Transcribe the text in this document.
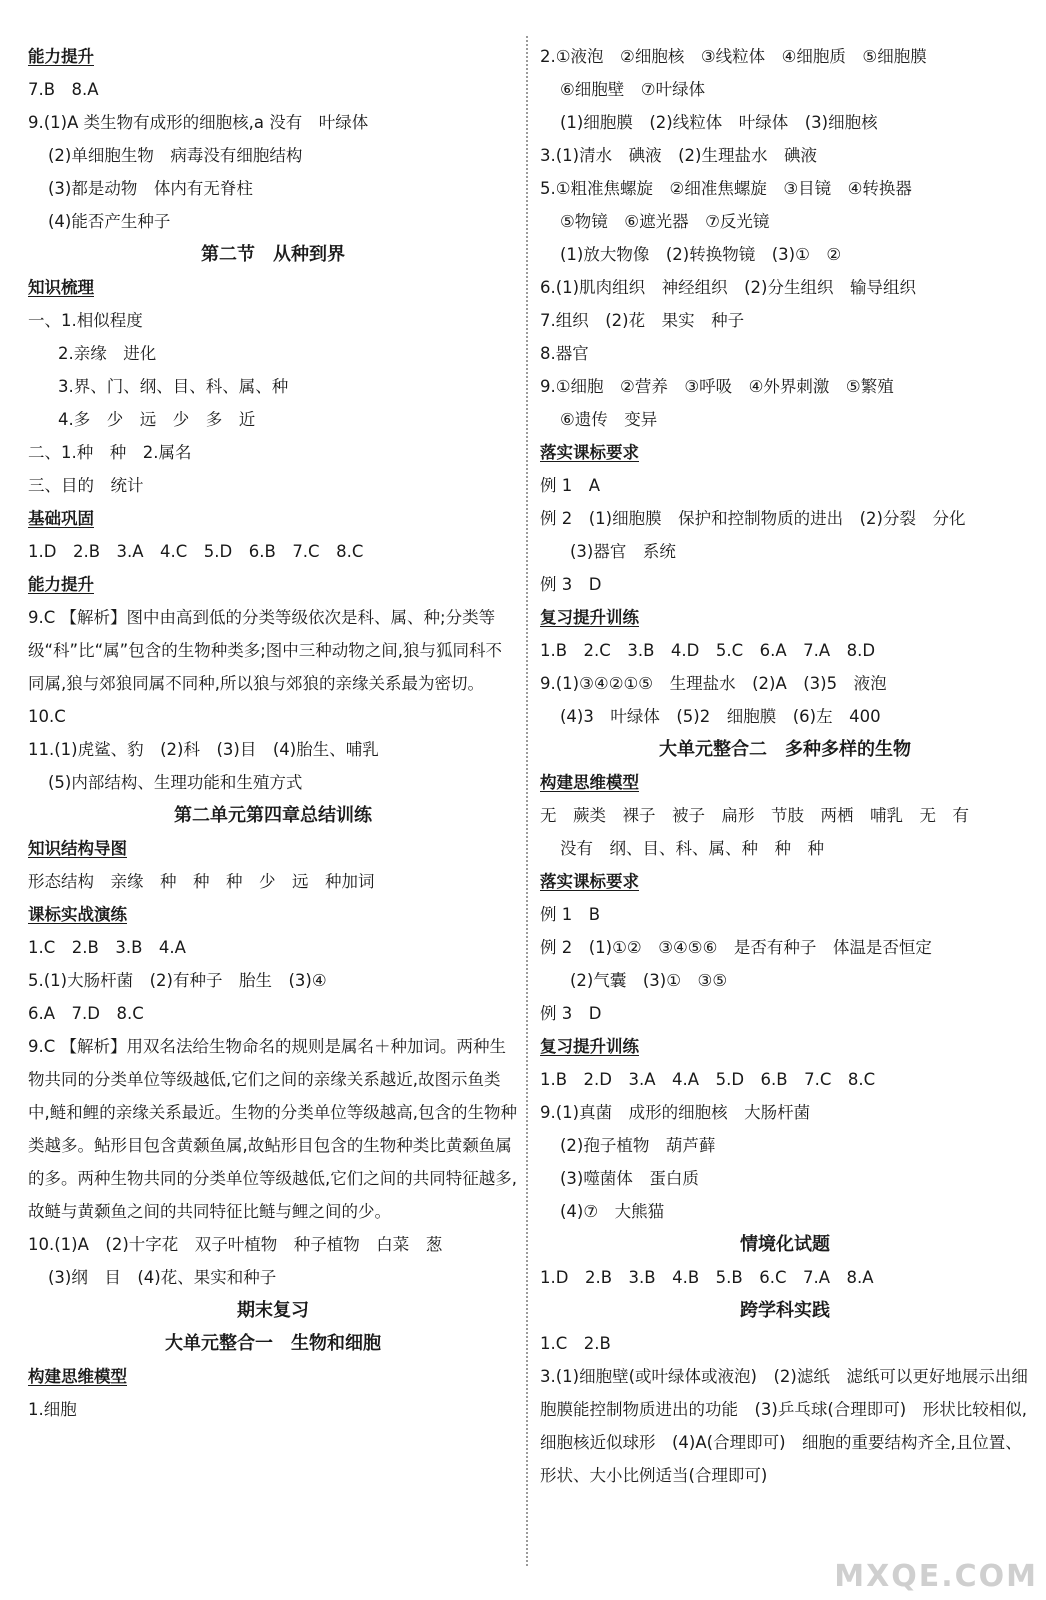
能力提升
7.B　8.A
9.(1)A 类生物有成形的细胞核,a 没有　叶绿体
(2)单细胞生物　病毒没有细胞结构
(3)都是动物　体内有无脊柱
(4)能否产生种子
第二节　从种到界
知识梳理
一、1.相似程度
2.亲缘　进化
3.界、门、纲、目、科、属、种
4.多　少　远　少　多　近
二、1.种　种　2.属名
三、目的　统计
基础巩固
1.D　2.B　3.A　4.C　5.D　6.B　7.C　8.C
能力提升
9.C 【解析】图中由高到低的分类等级依次是科、属、种;分类等级“科”比“属”包含的生物种类多;图中三种动物之间,狼与狐同科不同属,狼与郊狼同属不同种,所以狼与郊狼的亲缘关系最为密切。
10.C
11.(1)虎鲨、豹　(2)科　(3)目　(4)胎生、哺乳
(5)内部结构、生理功能和生殖方式
第二单元第四章总结训练
知识结构导图
形态结构　亲缘　种　种　种　少　远　种加词
课标实战演练
1.C　2.B　3.B　4.A
5.(1)大肠杆菌　(2)有种子　胎生　(3)④
6.A　7.D　8.C
9.C 【解析】用双名法给生物命名的规则是属名＋种加词。两种生物共同的分类单位等级越低,它们之间的亲缘关系越近,故图示鱼类中,鲢和鲤的亲缘关系最近。生物的分类单位等级越高,包含的生物种类越多。鲇形目包含黄颡鱼属,故鲇形目包含的生物种类比黄颡鱼属的多。两种生物共同的分类单位等级越低,它们之间的共同特征越多,故鲢与黄颡鱼之间的共同特征比鲢与鲤之间的少。
10.(1)A　(2)十字花　双子叶植物　种子植物　白菜　葱
(3)纲　目　(4)花、果实和种子
期末复习
大单元整合一　生物和细胞
构建思维模型
1.细胞
2.①液泡　②细胞核　③线粒体　④细胞质　⑤细胞膜
⑥细胞壁　⑦叶绿体
(1)细胞膜　(2)线粒体　叶绿体　(3)细胞核
3.(1)清水　碘液　(2)生理盐水　碘液
5.①粗准焦螺旋　②细准焦螺旋　③目镜　④转换器
⑤物镜　⑥遮光器　⑦反光镜
(1)放大物像　(2)转换物镜　(3)①　②
6.(1)肌肉组织　神经组织　(2)分生组织　输导组织
7.组织　(2)花　果实　种子
8.器官
9.①细胞　②营养　③呼吸　④外界刺激　⑤繁殖
⑥遗传　变异
落实课标要求
例 1　A
例 2　(1)细胞膜　保护和控制物质的进出　(2)分裂　分化
(3)器官　系统
例 3　D
复习提升训练
1.B　2.C　3.B　4.D　5.C　6.A　7.A　8.D
9.(1)③④②①⑤　生理盐水　(2)A　(3)5　液泡
(4)3　叶绿体　(5)2　细胞膜　(6)左　400
大单元整合二　多种多样的生物
构建思维模型
无　蕨类　裸子　被子　扁形　节肢　两栖　哺乳　无　有
没有　纲、目、科、属、种　种　种
落实课标要求
例 1　B
例 2　(1)①②　③④⑤⑥　是否有种子　体温是否恒定
(2)气囊　(3)①　③⑤
例 3　D
复习提升训练
1.B　2.D　3.A　4.A　5.D　6.B　7.C　8.C
9.(1)真菌　成形的细胞核　大肠杆菌
(2)孢子植物　葫芦藓
(3)噬菌体　蛋白质
(4)⑦　大熊猫
情境化试题
1.D　2.B　3.B　4.B　5.B　6.C　7.A　8.A
跨学科实践
1.C　2.B
3.(1)细胞壁(或叶绿体或液泡)　(2)滤纸　滤纸可以更好地展示出细胞膜能控制物质进出的功能　(3)乒乓球(合理即可)　形状比较相似,细胞核近似球形　(4)A(合理即可)　细胞的重要结构齐全,且位置、形状、大小比例适当(合理即可)
MXQE.COM
